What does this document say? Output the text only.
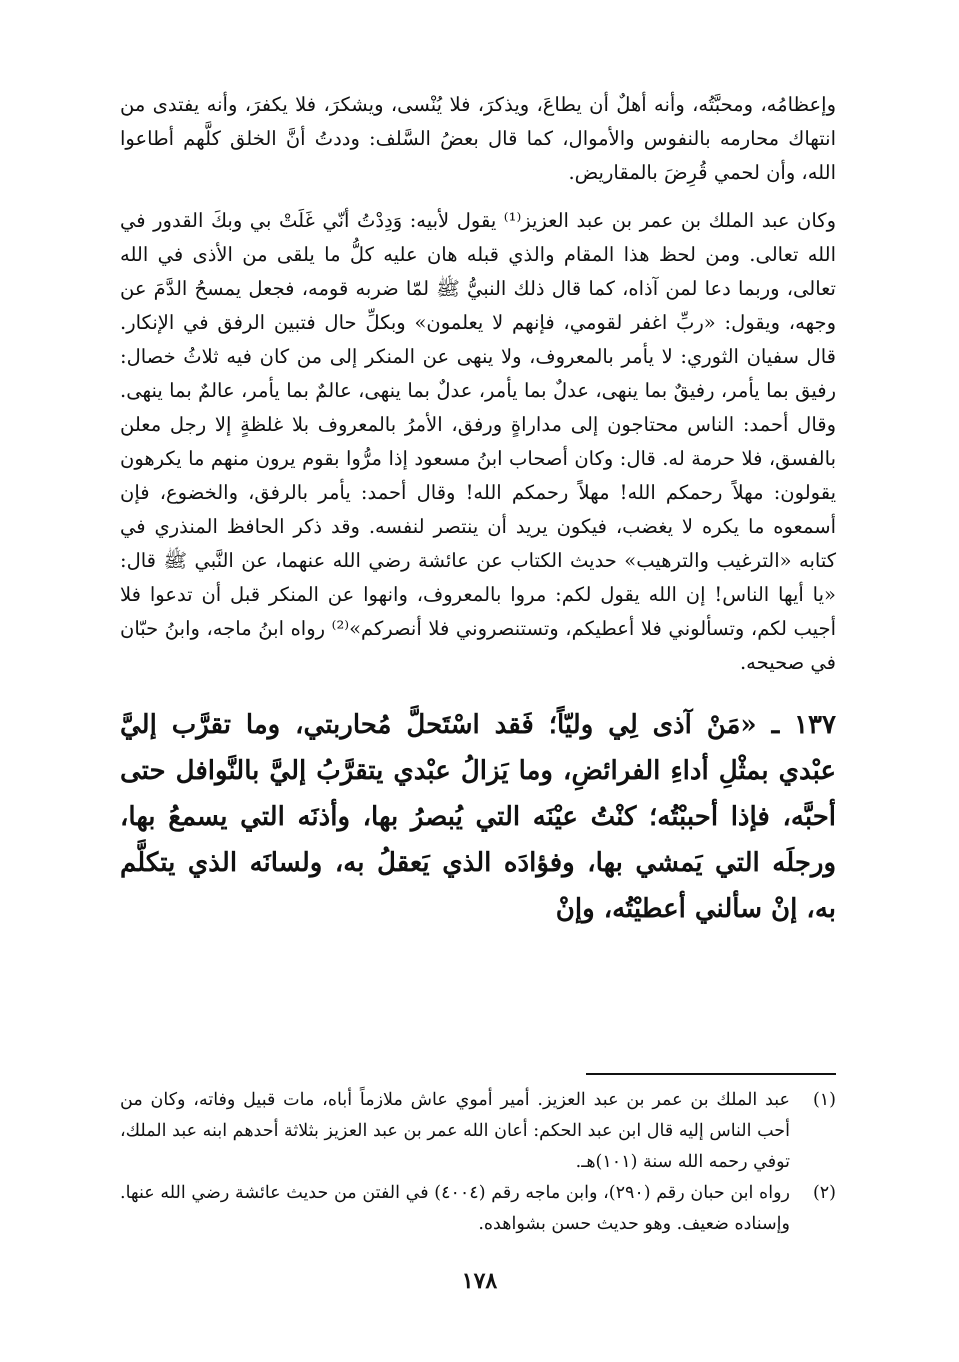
وإعظامُه، ومحبَّتُه، وأنه أهلٌ أن يطاعَ، ويذكرَ، فلا يُنْسى، ويشكرَ، فلا يكفرَ، وأنه يفتدى من انتهاك محارمه بالنفوس والأموال، كما قال بعضُ السَّلف: وددتُ أنَّ الخلق كلَّهم أطاعوا الله، وأن لحمي قُرِضَ بالمقاريض.

وكان عبد الملك بن عمر بن عبد العزيز⁽¹⁾ يقول لأبيه: وَدِدْتُ أنّي غَلَتْ بي وبكَ القدور في الله تعالى. ومن لحظ هذا المقام والذي قبله هان عليه كلُّ ما يلقى من الأذى في الله تعالى، وربما دعا لمن آذاه، كما قال ذلك النبيُّ ﷺ لمّا ضربه قومه، فجعل يمسحُ الدَّمَ عن وجهه، ويقول: «ربِّ اغفر لقومي، فإنهم لا يعلمون» وبكلِّ حال فتبين الرفق في الإنكار. قال سفيان الثوري: لا يأمر بالمعروف، ولا ينهى عن المنكر إلى من كان فيه ثلاثُ خصال: رفيق بما يأمر، رفيقٌ بما ينهى، عدلٌ بما يأمر، عدلٌ بما ينهى، عالمٌ بما يأمر، عالمٌ بما ينهى. وقال أحمد: الناس محتاجون إلى مداراةٍ ورفق، الأمرُ بالمعروف بلا غلظةٍ إلا رجل معلن بالفسق، فلا حرمة له. قال: وكان أصحاب ابنُ مسعود إذا مرُّوا بقوم يرون منهم ما يكرهون يقولون: مهلاً رحمكم الله! مهلاً رحمكم الله! وقال أحمد: يأمر بالرفق، والخضوع، فإن أسمعوه ما يكره لا يغضب، فيكون يريد أن ينتصر لنفسه. وقد ذكر الحافظ المنذري في كتابه «الترغيب والترهيب» حديث الكتاب عن عائشة رضي الله عنهما، عن النَّبي ﷺ قال: «يا أيها الناس! إن الله يقول لكم: مروا بالمعروف، وانهوا عن المنكر قبل أن تدعوا فلا أجيب لكم، وتسألوني فلا أعطيكم، وتستنصروني فلا أنصركم»⁽²⁾ رواه ابنُ ماجه، وابنُ حبّان في صحيحه.

١٣٧ ـ «مَنْ آذى لِي وليّاً؛ فَقد اسْتَحلَّ مُحاربتي، وما تقرَّب إليَّ عبْدي بمثْلِ أداءِ الفرائضِ، وما يَزالُ عبْدي يتقرَّبُ إليَّ بالنَّوافل حتى أحبَّه، فإذا أحببْتُه؛ كنْتُ عيْنَه التي يُبصرُ بها، وأذنَه التي يسمعُ بها، ورجلَه التي يَمشي بها، وفؤادَه الذي يَعقلُ به، ولسانَه الذي يتكلَّم به، إنْ سألني أعطيْتُه، وإنْ

(١)
عبد الملك بن عمر بن عبد العزيز. أمير أموي عاش ملازماً أباه، مات قبيل وفاته، وكان من أحب الناس إليه قال ابن عبد الحكم: أعان الله عمر بن عبد العزيز بثلاثة أحدهم ابنه عبد الملك، توفي رحمه الله سنة (١٠١)هـ.
(٢)
رواه ابن حبان رقم (٢٩٠)، وابن ماجه رقم (٤٠٠٤) في الفتن من حديث عائشة رضي الله عنها. وإسناده ضعيف. وهو حديث حسن بشواهده.
١٧٨
